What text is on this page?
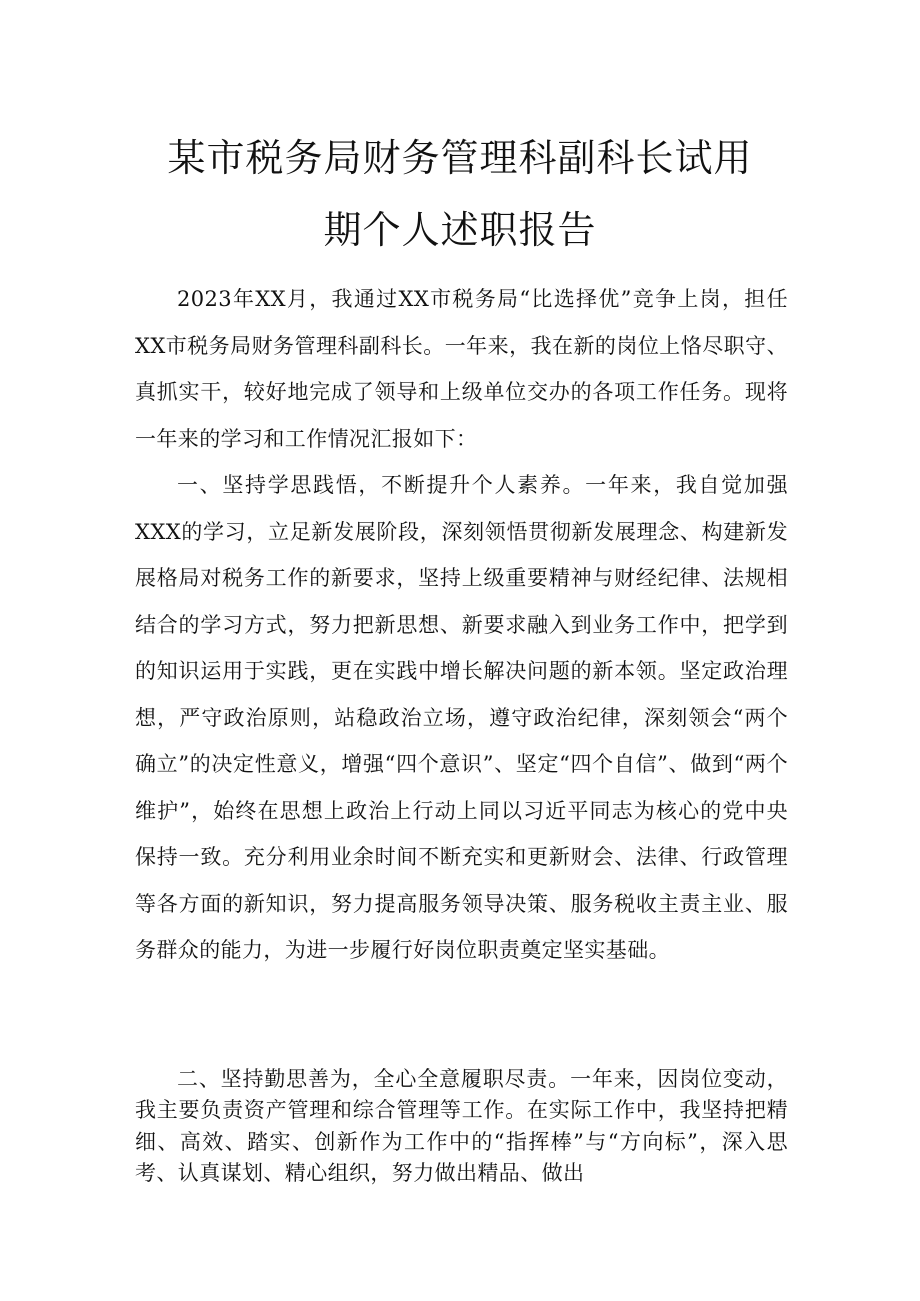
某市税务局财务管理科副科长试用
期个人述职报告

2023年XX月，我通过XX市税务局“比选择优”竞争上岗，担任XX市税务局财务管理科副科长。一年来，我在新的岗位上恪尽职守、真抓实干，较好地完成了领导和上级单位交办的各项工作任务。现将一年来的学习和工作情况汇报如下：

一、坚持学思践悟，不断提升个人素养。一年来，我自觉加强XXX的学习，立足新发展阶段，深刻领悟贯彻新发展理念、构建新发展格局对税务工作的新要求，坚持上级重要精神与财经纪律、法规相结合的学习方式，努力把新思想、新要求融入到业务工作中，把学到的知识运用于实践，更在实践中增长解决问题的新本领。坚定政治理想，严守政治原则，站稳政治立场，遵守政治纪律，深刻领会“两个确立”的决定性意义，增强“四个意识”、坚定“四个自信”、做到“两个维护”，始终在思想上政治上行动上同以习近平同志为核心的党中央保持一致。充分利用业余时间不断充实和更新财会、法律、行政管理等各方面的新知识，努力提高服务领导决策、服务税收主责主业、服务群众的能力，为进一步履行好岗位职责奠定坚实基础。

二、坚持勤思善为，全心全意履职尽责。一年来，因岗位变动，我主要负责资产管理和综合管理等工作。在实际工作中，我坚持把精细、高效、踏实、创新作为工作中的“指挥棒”与“方向标”，深入思考、认真谋划、精心组织，努力做出精品、做出
